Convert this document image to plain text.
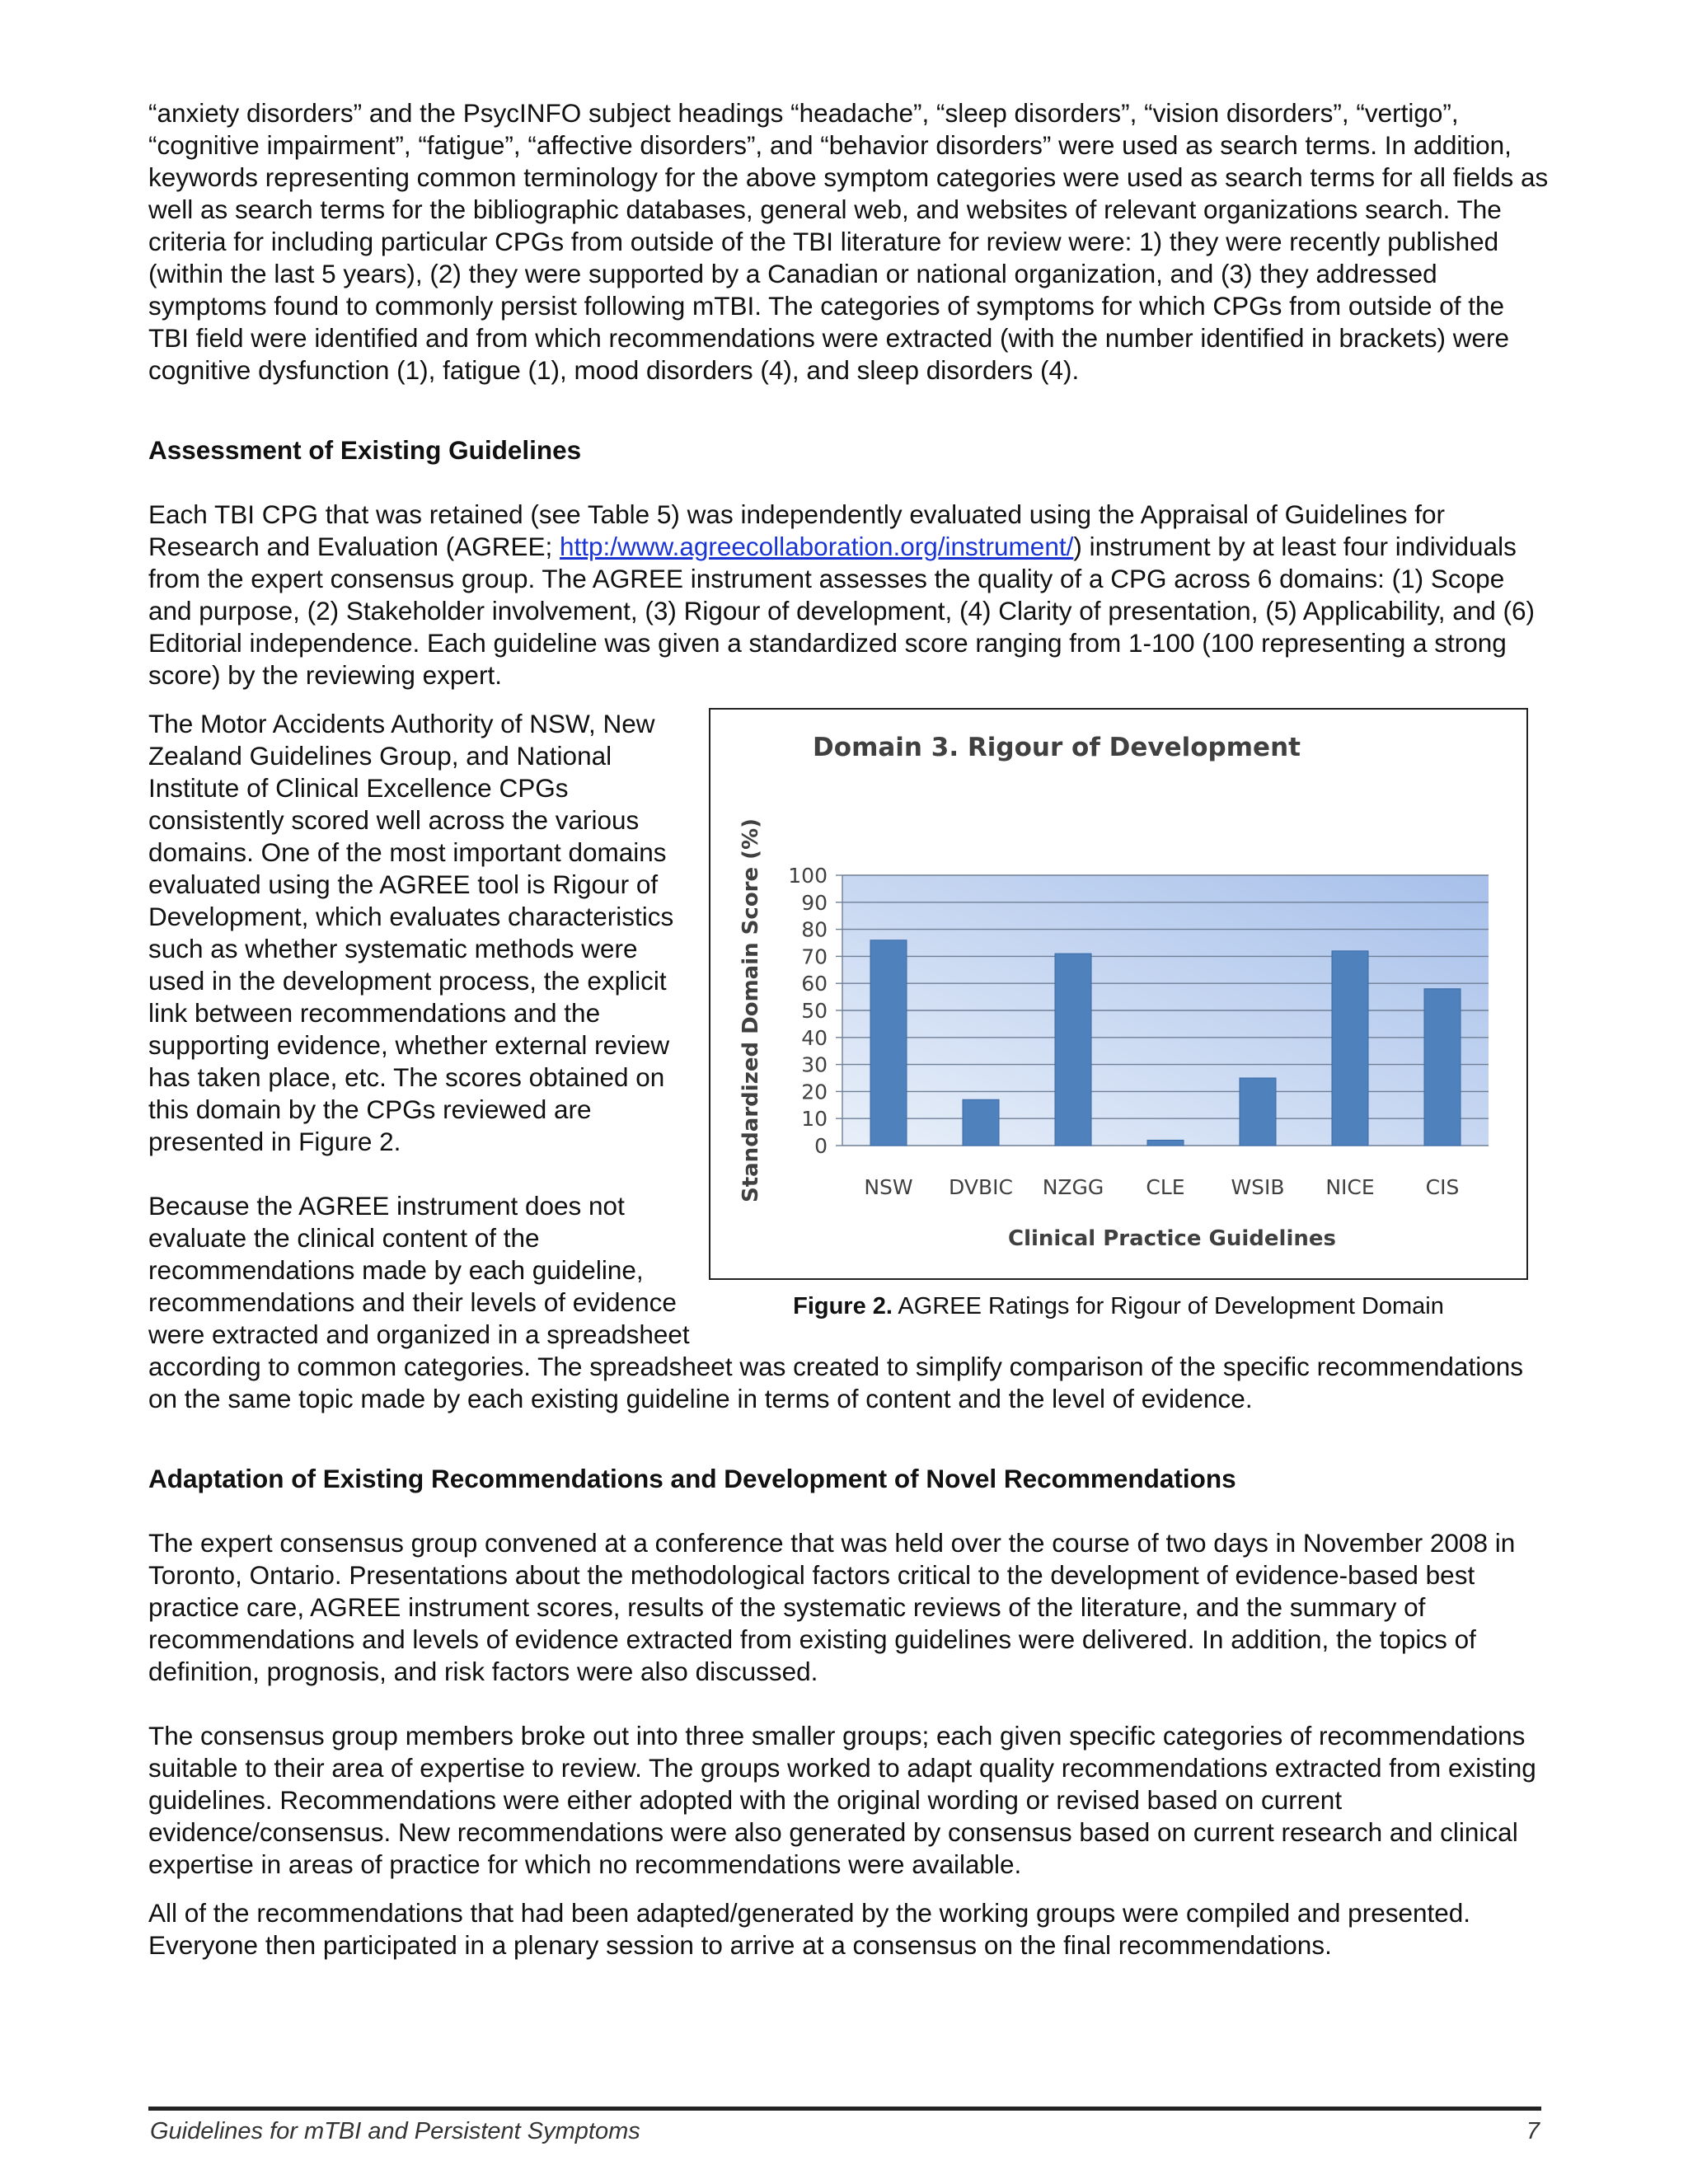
“anxiety disorders” and the PsycINFO subject headings “headache”, “sleep disorders”, “vision disorders”, “vertigo”, “cognitive impairment”, “fatigue”, “affective disorders”, and “behavior disorders” were used as search terms. In addition, keywords representing common terminology for the above symptom categories were used as search terms for all fields as well as search terms for the bibliographic databases, general web, and websites of relevant organizations search. The criteria for including particular CPGs from outside of the TBI literature for review were: 1) they were recently published (within the last 5 years), (2) they were supported by a Canadian or national organization, and (3) they addressed symptoms found to commonly persist following mTBI. The categories of symptoms for which CPGs from outside of the TBI field were identified and from which recommendations were extracted (with the number identified in brackets) were cognitive dysfunction (1), fatigue (1), mood disorders (4), and sleep disorders (4).

Assessment of Existing Guidelines

Each TBI CPG that was retained (see Table 5) was independently evaluated using the Appraisal of Guidelines for Research and Evaluation (AGREE; http:/www.agreecollaboration.org/instrument/) instrument by at least four individuals from the expert consensus group. The AGREE instrument assesses the quality of a CPG across 6 domains: (1) Scope and purpose, (2) Stakeholder involvement, (3) Rigour of development, (4) Clarity of presentation, (5) Applicability, and (6) Editorial independence. Each guideline was given a standardized score ranging from 1-100 (100 representing a strong score) by the reviewing expert.

Domain 3. Rigour of Development
0
10
20
30
40
50
60
70
80
90
100
NSW DVBIC NZGG CLE WSIB NICE CIS
Clinical Practice Guidelines
Standardized Domain Score (%)
Figure 2. AGREE Ratings for Rigour of Development Domain

The Motor Accidents Authority of NSW, New Zealand Guidelines Group, and National Institute of Clinical Excellence CPGs consistently scored well across the various domains. One of the most important domains evaluated using the AGREE tool is Rigour of Development, which evaluates characteristics such as whether systematic methods were used in the development process, the explicit link between recommendations and the supporting evidence, whether external review has taken place, etc. The scores obtained on this domain by the CPGs reviewed are presented in Figure 2.

Because the AGREE instrument does not evaluate the clinical content of the recommendations made by each guideline, recommendations and their levels of evidence were extracted and organized in a spreadsheet according to common categories. The spreadsheet was created to simplify comparison of the specific recommendations on the same topic made by each existing guideline in terms of content and the level of evidence.

Adaptation of Existing Recommendations and Development of Novel Recommendations

The expert consensus group convened at a conference that was held over the course of two days in November 2008 in Toronto, Ontario. Presentations about the methodological factors critical to the development of evidence-based best practice care, AGREE instrument scores, results of the systematic reviews of the literature, and the summary of recommendations and levels of evidence extracted from existing guidelines were delivered. In addition, the topics of definition, prognosis, and risk factors were also discussed.

The consensus group members broke out into three smaller groups; each given specific categories of recommendations suitable to their area of expertise to review. The groups worked to adapt quality recommendations extracted from existing guidelines. Recommendations were either adopted with the original wording or revised based on current evidence/consensus. New recommendations were also generated by consensus based on current research and clinical expertise in areas of practice for which no recommendations were available.

All of the recommendations that had been adapted/generated by the working groups were compiled and presented. Everyone then participated in a plenary session to arrive at a consensus on the final recommendations.

Guidelines for mTBI and Persistent Symptoms	7
